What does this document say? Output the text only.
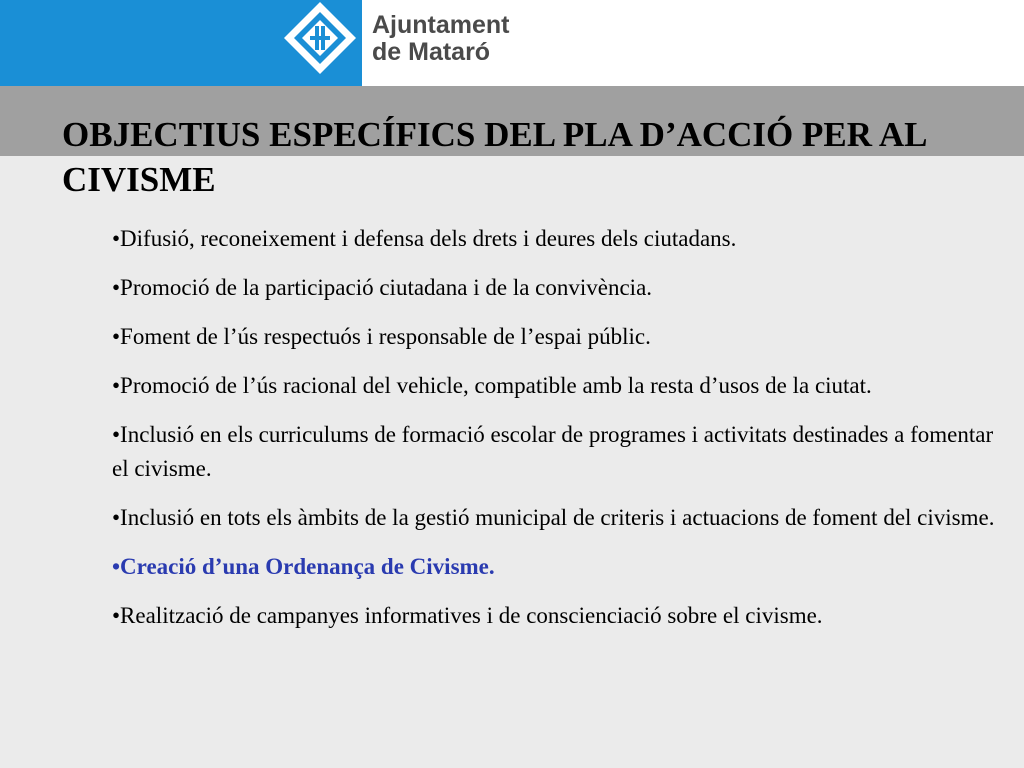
Ajuntament
de Mataró
OBJECTIUS ESPECÍFICS DEL PLA D’ACCIÓ PER AL CIVISME
•Difusió, reconeixement i defensa dels drets i deures dels ciutadans.
•Promoció de la participació ciutadana i de la convivència.
•Foment de l’ús respectuós i responsable de l’espai públic.
•Promoció de l’ús racional del vehicle, compatible amb la resta d’usos de la ciutat.
•Inclusió en els curriculums de formació escolar de programes i activitats destinades a fomentar el civisme.
•Inclusió en tots els àmbits de la gestió municipal de criteris i actuacions de foment del civisme.
•Creació d’una Ordenança de Civisme.
•Realització de campanyes informatives i de conscienciació sobre el civisme.
